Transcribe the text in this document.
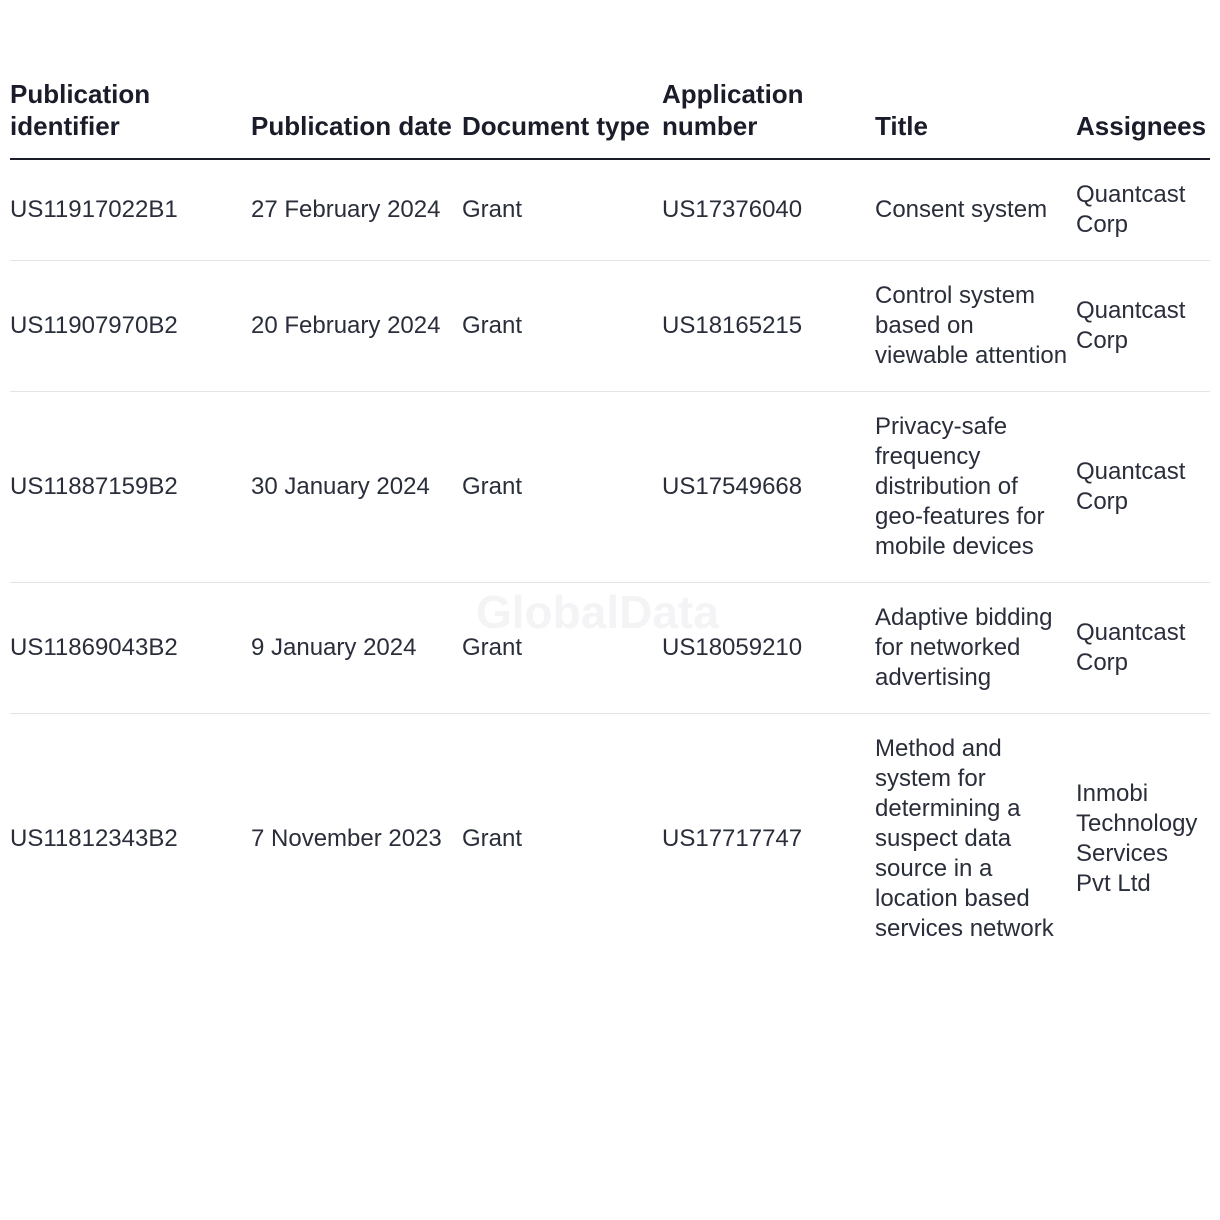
GlobalData
Publication identifier	Publication date	Document type	Application number	Title	Assignees
US11917022B1	27 February 2024	Grant	US17376040	Consent system	Quantcast Corp
US11907970B2	20 February 2024	Grant	US18165215	Control system based on viewable attention	Quantcast Corp
US11887159B2	30 January 2024	Grant	US17549668	Privacy-safe frequency distribution of geo-features for mobile devices	Quantcast Corp
US11869043B2	9 January 2024	Grant	US18059210	Adaptive bidding for networked advertising	Quantcast Corp
US11812343B2	7 November 2023	Grant	US17717747	Method and system for determining a suspect data source in a location based services network	Inmobi Technology Services Pvt Ltd
